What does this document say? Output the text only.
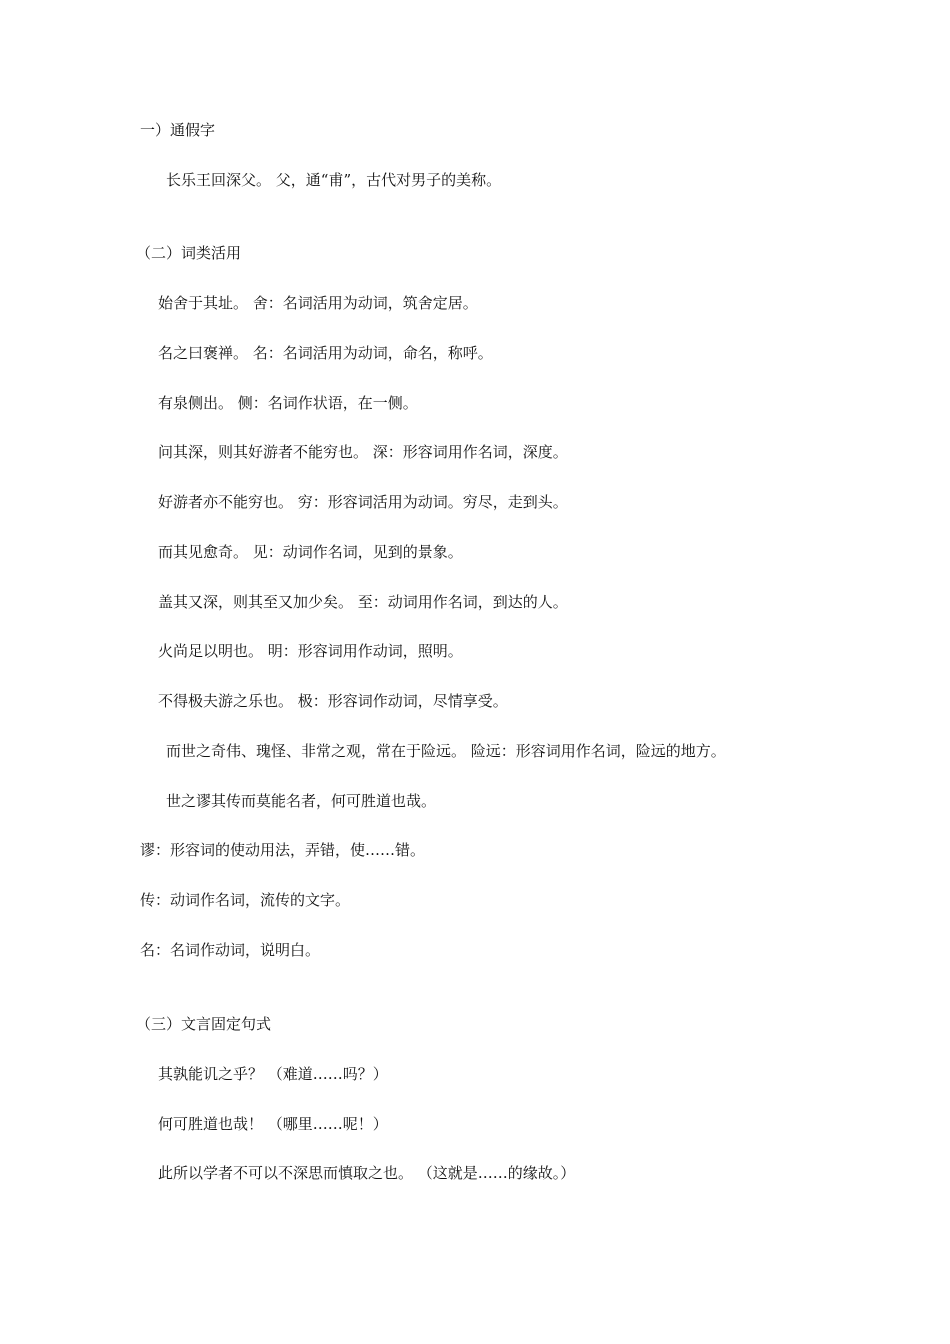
一）通假字
长乐王回深父。 父，通“甫”，古代对男子的美称。
（二）词类活用
始舍于其址。 舍：名词活用为动词，筑舍定居。
名之曰褒禅。 名：名词活用为动词，命名，称呼。
有泉侧出。 侧：名词作状语，在一侧。
问其深，则其好游者不能穷也。 深：形容词用作名词，深度。
好游者亦不能穷也。 穷：形容词活用为动词。穷尽，走到头。
而其见愈奇。 见：动词作名词，见到的景象。
盖其又深，则其至又加少矣。 至：动词用作名词，到达的人。
火尚足以明也。 明：形容词用作动词，照明。
不得极夫游之乐也。 极：形容词作动词，尽情享受。
而世之奇伟、瑰怪、非常之观，常在于险远。 险远：形容词用作名词，险远的地方。
世之谬其传而莫能名者，何可胜道也哉。
谬：形容词的使动用法，弄错，使……错。
传：动词作名词，流传的文字。
名：名词作动词，说明白。
（三）文言固定句式
其孰能讥之乎？ （难道……吗？）
何可胜道也哉！ （哪里……呢！）
此所以学者不可以不深思而慎取之也。 （这就是……的缘故。）
